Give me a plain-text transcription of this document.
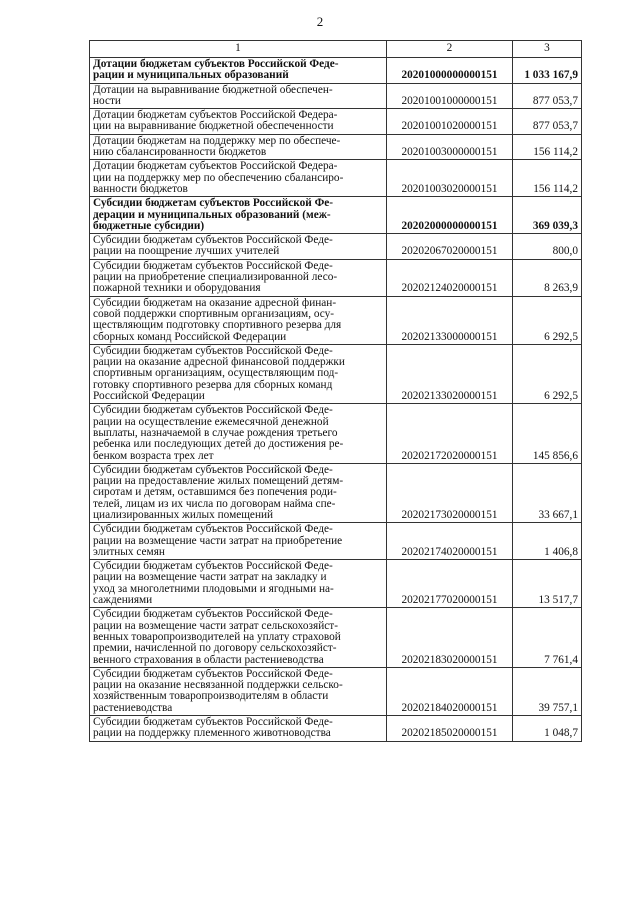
2
1	2	3

Дотации бюджетам субъектов Российской Феде-
рации и муниципальных образований	20201000000000151	1 033 167,9

Дотации на выравнивание бюджетной обеспечен-
ности	20201001000000151	877 053,7

Дотации бюджетам субъектов Российской Федера-
ции на выравнивание бюджетной обеспеченности	20201001020000151	877 053,7

Дотации бюджетам на поддержку мер по обеспече-
нию сбалансированности бюджетов	20201003000000151	156 114,2

Дотации бюджетам субъектов Российской Федера-
ции на поддержку мер по обеспечению сбалансиро-
ванности бюджетов	20201003020000151	156 114,2

Субсидии бюджетам субъектов Российской Фе-
дерации и муниципальных образований (меж-
бюджетные субсидии)	20202000000000151	369 039,3

Субсидии бюджетам субъектов Российской Феде-
рации на поощрение лучших учителей	20202067020000151	800,0

Субсидии бюджетам субъектов Российской Феде-
рации на приобретение специализированной лесо-
пожарной техники и оборудования	20202124020000151	8 263,9

Субсидии бюджетам на оказание адресной финан-
совой поддержки спортивным организациям, осу-
ществляющим подготовку спортивного резерва для
сборных команд Российской Федерации	20202133000000151	6 292,5

Субсидии бюджетам субъектов Российской Феде-
рации на оказание адресной финансовой поддержки
спортивным организациям, осуществляющим под-
готовку спортивного резерва для сборных команд
Российской Федерации	20202133020000151	6 292,5

Субсидии бюджетам субъектов Российской Феде-
рации на осуществление ежемесячной денежной
выплаты, назначаемой в случае рождения третьего
ребенка или последующих детей до достижения ре-
бенком возраста трех лет	20202172020000151	145 856,6

Субсидии бюджетам субъектов Российской Феде-
рации на предоставление жилых помещений детям-
сиротам и детям, оставшимся без попечения роди-
телей, лицам из их числа по договорам найма спе-
циализированных жилых помещений	20202173020000151	33 667,1

Субсидии бюджетам субъектов Российской Феде-
рации на возмещение части затрат на приобретение
элитных семян	20202174020000151	1 406,8

Субсидии бюджетам субъектов Российской Феде-
рации на возмещение части затрат на закладку и
уход за многолетними плодовыми и ягодными на-
саждениями	20202177020000151	13 517,7

Субсидии бюджетам субъектов Российской Феде-
рации на возмещение части затрат сельскохозяйст-
венных товаропроизводителей на уплату страховой
премии, начисленной по договору сельскохозяйст-
венного страхования в области растениеводства	20202183020000151	7 761,4

Субсидии бюджетам субъектов Российской Феде-
рации на оказание несвязанной поддержки сельско-
хозяйственным товаропроизводителям в области
растениеводства	20202184020000151	39 757,1

Субсидии бюджетам субъектов Российской Феде-
рации на поддержку племенного животноводства	20202185020000151	1 048,7
